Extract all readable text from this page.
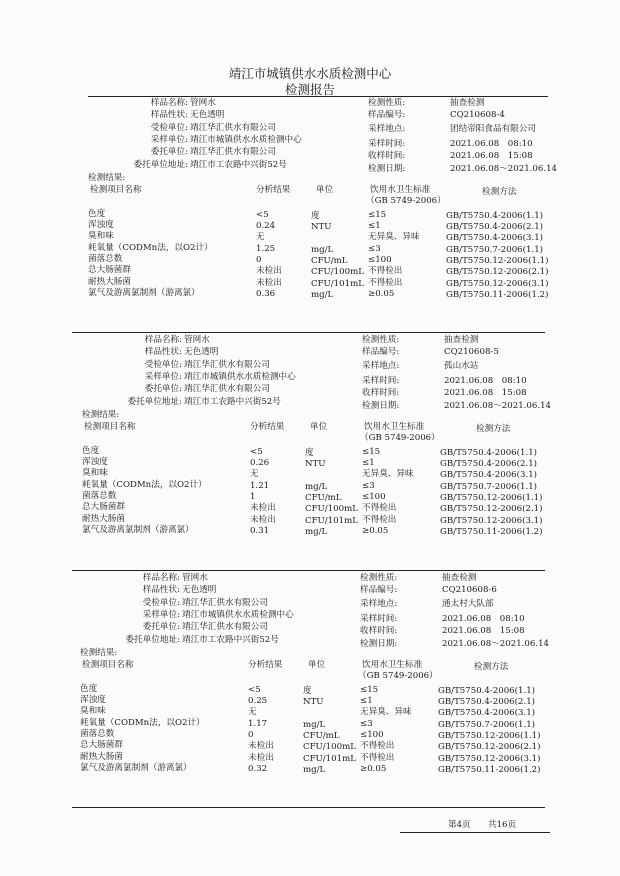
靖江市城镇供水水质检测中心
检测报告
样品名称: 管网水
样品性状: 无色透明
受检单位: 靖江华汇供水有限公司
采样单位: 靖江市城镇供水水质检测中心
委托单位: 靖江华汇供水有限公司
委托单位地址: 靖江市工农路中兴街52号
检测性质:	抽查检测
样品编号:	CQ210608-4
采样地点:	团结帝阳食品有限公司
采样时间:	2021.06.08　08:10
收样时间:	2021.06.08　15:08
检测日期:	2021.06.08～2021.06.14
检测结果:
检测项目名称	分析结果	单位	饮用水卫生标准	检测方法
（GB 5749-2006）
色度	<5	度	≤15	GB/T5750.4-2006(1.1)
浑浊度	0.24	NTU	≤1	GB/T5750.4-2006(2.1)
臭和味	无	无异臭、异味	GB/T5750.4-2006(3.1)
耗氧量（CODMn法，以O2计）	1.25	mg/L	≤3	GB/T5750.7-2006(1.1)
菌落总数	0	CFU/mL ≤100	GB/T5750.12-2006(1.1)
总大肠菌群	未检出	CFU/100mL 不得检出	GB/T5750.12-2006(2.1)
耐热大肠菌	未检出	CFU/101mL 不得检出	GB/T5750.12-2006(3.1)
氯气及游离氯制剂（游离氯）	0.36	mg/L	≥0.05	GB/T5750.11-2006(1.2)
样品名称: 管网水
样品性状: 无色透明
受检单位: 靖江华汇供水有限公司
采样单位: 靖江市城镇供水水质检测中心
委托单位: 靖江华汇供水有限公司
委托单位地址: 靖江市工农路中兴街52号
检测性质:	抽查检测
样品编号:	CQ210608-5
采样地点:	孤山水站
采样时间:	2021.06.08　08:10
收样时间:	2021.06.08　15:08
检测日期:	2021.06.08～2021.06.14
检测结果:
检测项目名称	分析结果	单位	饮用水卫生标准	检测方法
（GB 5749-2006）
色度	<5	度	≤15	GB/T5750.4-2006(1.1)
浑浊度	0.26	NTU	≤1	GB/T5750.4-2006(2.1)
臭和味	无	无异臭、异味	GB/T5750.4-2006(3.1)
耗氧量（CODMn法，以O2计）	1.21	mg/L	≤3	GB/T5750.7-2006(1.1)
菌落总数	1	CFU/mL ≤100	GB/T5750.12-2006(1.1)
总大肠菌群	未检出	CFU/100mL 不得检出	GB/T5750.12-2006(2.1)
耐热大肠菌	未检出	CFU/101mL 不得检出	GB/T5750.12-2006(3.1)
氯气及游离氯制剂（游离氯）	0.31	mg/L	≥0.05	GB/T5750.11-2006(1.2)
样品名称: 管网水
样品性状: 无色透明
受检单位: 靖江华汇供水有限公司
采样单位: 靖江市城镇供水水质检测中心
委托单位: 靖江华汇供水有限公司
委托单位地址: 靖江市工农路中兴街52号
检测性质:	抽查检测
样品编号:	CQ210608-6
采样地点:	通太村大队部
采样时间:	2021.06.08　08:10
收样时间:	2021.06.08　15:08
检测日期:	2021.06.08～2021.06.14
检测结果:
检测项目名称	分析结果	单位	饮用水卫生标准	检测方法
（GB 5749-2006）
色度	<5	度	≤15	GB/T5750.4-2006(1.1)
浑浊度	0.25	NTU	≤1	GB/T5750.4-2006(2.1)
臭和味	无	无异臭、异味	GB/T5750.4-2006(3.1)
耗氧量（CODMn法，以O2计）	1.17	mg/L	≤3	GB/T5750.7-2006(1.1)
菌落总数	0	CFU/mL ≤100	GB/T5750.12-2006(1.1)
总大肠菌群	未检出	CFU/100mL 不得检出	GB/T5750.12-2006(2.1)
耐热大肠菌	未检出	CFU/101mL 不得检出	GB/T5750.12-2006(3.1)
氯气及游离氯制剂（游离氯）	0.32	mg/L	≥0.05	GB/T5750.11-2006(1.2)
第4页 共16页
